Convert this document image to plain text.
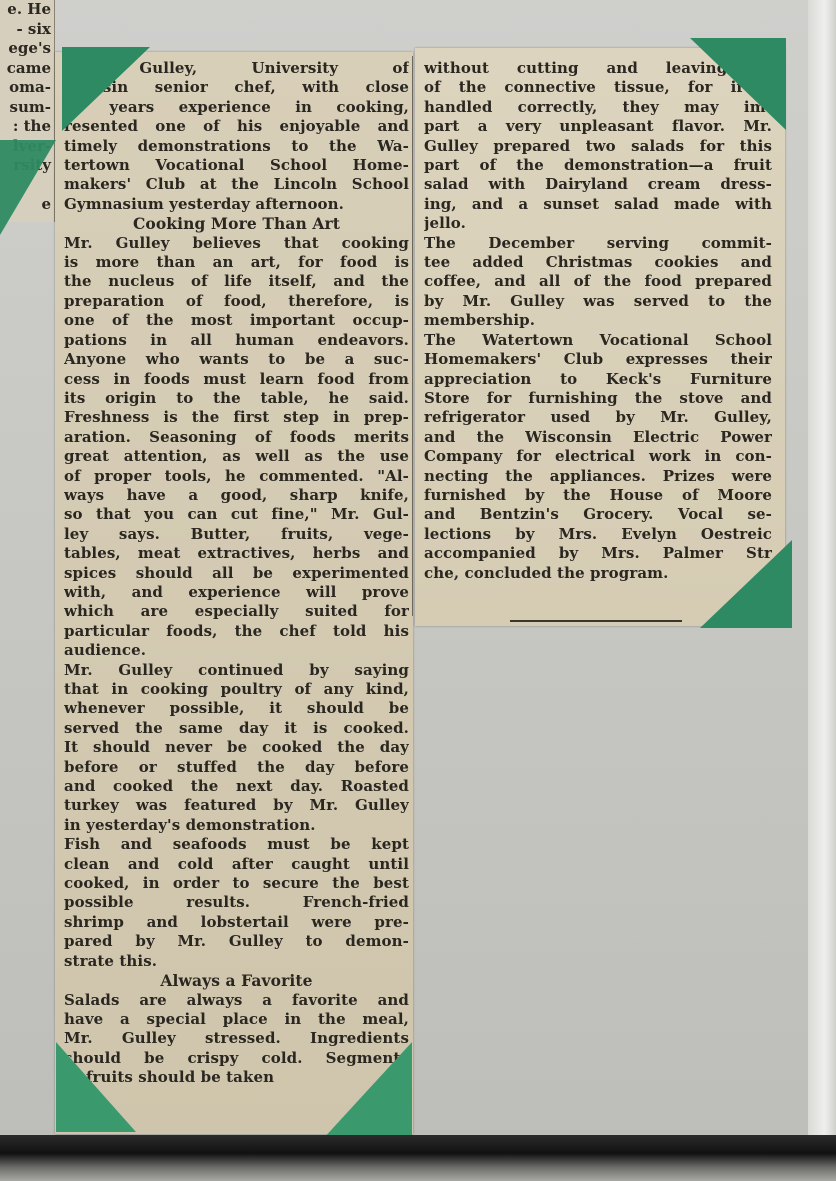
e. He
- six
ege's
came
oma-
sum-
: the
lver-
rsity

e
on Gulley, University of
sconsin senior chef, with close
30 years experience in cooking,
resented one of his enjoyable and
timely demonstrations to the Wa-
tertown Vocational School Home-
makers' Club at the Lincoln School
Gymnasium yesterday afternoon.
Cooking More Than Art
Mr. Gulley believes that cooking
is more than an art, for food is
the nucleus of life itself, and the
preparation of food, therefore, is
one of the most important occup-
pations in all human endeavors.
Anyone who wants to be a suc-
cess in foods must learn food from
its origin to the table, he said.
Freshness is the first step in prep-
aration. Seasoning of foods merits
great attention, as well as the use
of proper tools, he commented. "Al-
ways have a good, sharp knife,
so that you can cut fine," Mr. Gul-
ley says. Butter, fruits, vege-
tables, meat extractives, herbs and
spices should all be experimented
with, and experience will prove
which are especially suited for
particular foods, the chef told his
audience.
Mr. Gulley continued by saying
that in cooking poultry of any kind,
whenever possible, it should be
served the same day it is cooked.
It should never be cooked the day
before or stuffed the day before
and cooked the next day. Roasted
turkey was featured by Mr. Gulley
in yesterday's demonstration.
Fish and seafoods must be kept
clean and cold after caught until
cooked, in order to secure the best
possible results. French-fried
shrimp and lobstertail were pre-
pared by Mr. Gulley to demon-
strate this.
Always a Favorite
Salads are always a favorite and
have a special place in the meal,
Mr. Gulley stressed. Ingredients
should be crispy cold. Segments
of fruits should be taken
without cutting and leaving in
of the connective tissue, for if n
handled correctly, they may im-
part a very unpleasant flavor. Mr.
Gulley prepared two salads for this
part of the demonstration—a fruit
salad with Dairyland cream dress-
ing, and a sunset salad made with
jello.
The December serving commit-
tee added Christmas cookies and
coffee, and all of the food prepared
by Mr. Gulley was served to the
membership.
The Watertown Vocational School
Homemakers' Club expresses their
appreciation to Keck's Furniture
Store for furnishing the stove and
refrigerator used by Mr. Gulley,
and the Wisconsin Electric Power
Company for electrical work in con-
necting the appliances. Prizes were
furnished by the House of Moore
and Bentzin's Grocery. Vocal se-
lections by Mrs. Evelyn Oestreic
accompanied by Mrs. Palmer Str
che, concluded the program.
